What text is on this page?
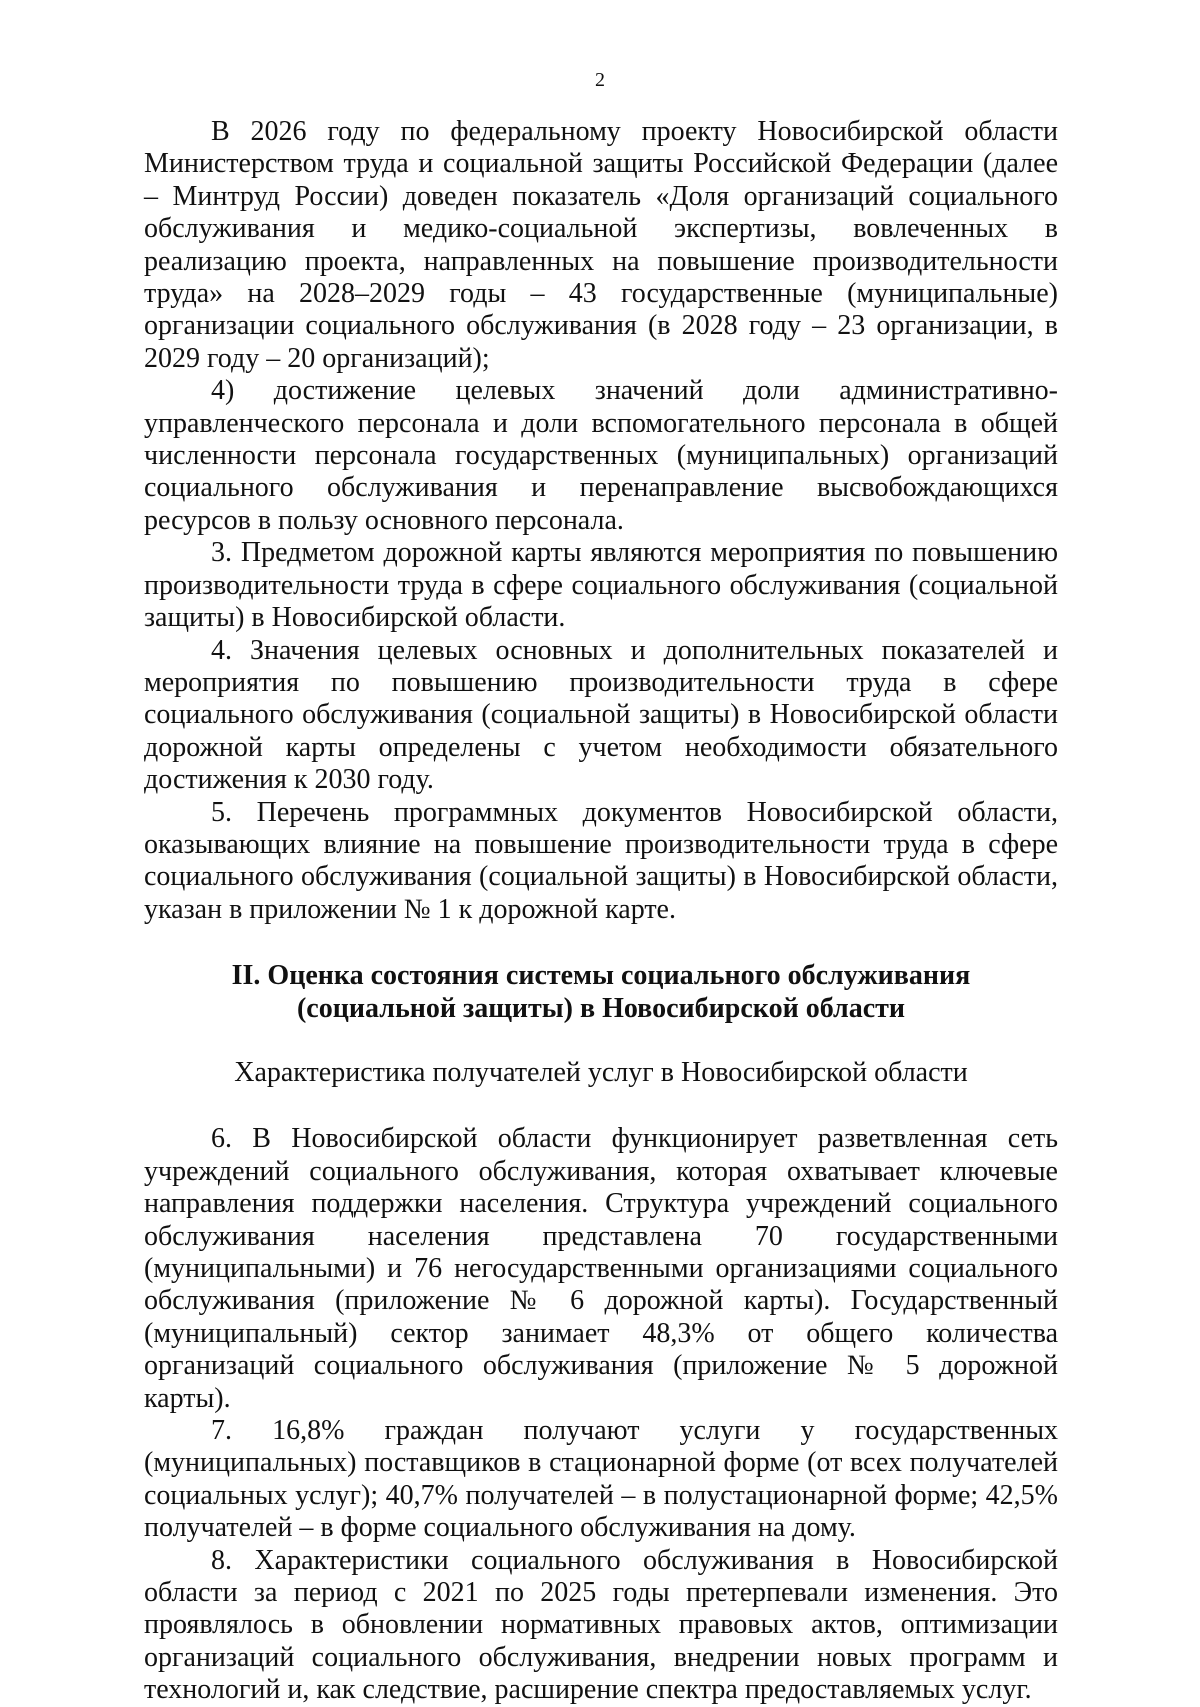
2

В 2026 году по федеральному проекту Новосибирской области Министерством труда и социальной защиты Российской Федерации (далее – Минтруд России) доведен показатель «Доля организаций социального обслуживания и медико-социальной экспертизы, вовлеченных в реализацию проекта, направленных на повышение производительности труда» на 2028–2029 годы – 43 государственные (муниципальные) организации социального обслуживания (в 2028 году – 23 организации, в 2029 году – 20 организаций);

4) достижение целевых значений доли административно-управленческого персонала и доли вспомогательного персонала в общей численности персонала государственных (муниципальных) организаций социального обслуживания и перенаправление высвобождающихся ресурсов в пользу основного персонала.

3. Предметом дорожной карты являются мероприятия по повышению производительности труда в сфере социального обслуживания (социальной защиты) в Новосибирской области.

4. Значения целевых основных и дополнительных показателей и мероприятия по повышению производительности труда в сфере социального обслуживания (социальной защиты) в Новосибирской области дорожной карты определены с учетом необходимости обязательного достижения к 2030 году.

5. Перечень программных документов Новосибирской области, оказывающих влияние на повышение производительности труда в сфере социального обслуживания (социальной защиты) в Новосибирской области, указан в приложении № 1 к дорожной карте.

II. Оценка состояния системы социального обслуживания

(социальной защиты) в Новосибирской области

Характеристика получателей услуг в Новосибирской области

6. В Новосибирской области функционирует разветвленная сеть учреждений социального обслуживания, которая охватывает ключевые направления поддержки населения. Структура учреждений социального обслуживания населения представлена 70 государственными (муниципальными) и 76 негосударственными организациями социального обслуживания (приложение № 6 дорожной карты). Государственный (муниципальный) сектор занимает 48,3% от общего количества организаций социального обслуживания (приложение № 5 дорожной карты).

7. 16,8% граждан получают услуги у государственных (муниципальных) поставщиков в стационарной форме (от всех получателей социальных услуг); 40,7% получателей – в полустационарной форме; 42,5% получателей – в форме социального обслуживания на дому.

8. Характеристики социального обслуживания в Новосибирской области за период с 2021 по 2025 годы претерпевали изменения. Это проявлялось в обновлении нормативных правовых актов, оптимизации организаций социального обслуживания, внедрении новых программ и технологий и, как следствие, расширение спектра предоставляемых услуг.
